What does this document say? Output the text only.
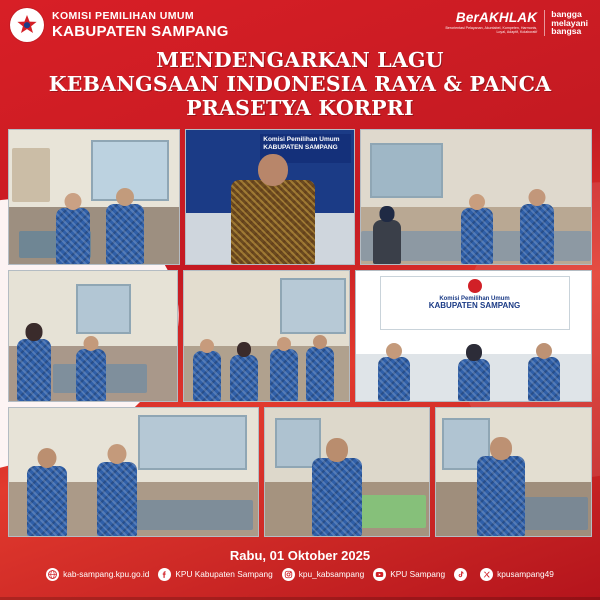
KOMISI PEMILIHAN UMUM
KABUPATEN SAMPANG
BerAKHLAK
Berorientasi Pelayanan, Akuntabel, Kompeten, Harmonis, Loyal, Adaptif, Kolaboratif
bangga
melayani
bangsa
MENDENGARKAN LAGU
KEBANGSAAN INDONESIA RAYA & PANCA
PRASETYA KORPRI
Komisi Pemilihan Umum
KABUPATEN SAMPANG
Komisi Pemilihan Umum
KABUPATEN SAMPANG
Rabu, 01 Oktober 2025
kab-sampang.kpu.go.id	KPU Kabupaten Sampang	kpu_kabsampang	KPU Sampang	kpusampang49
